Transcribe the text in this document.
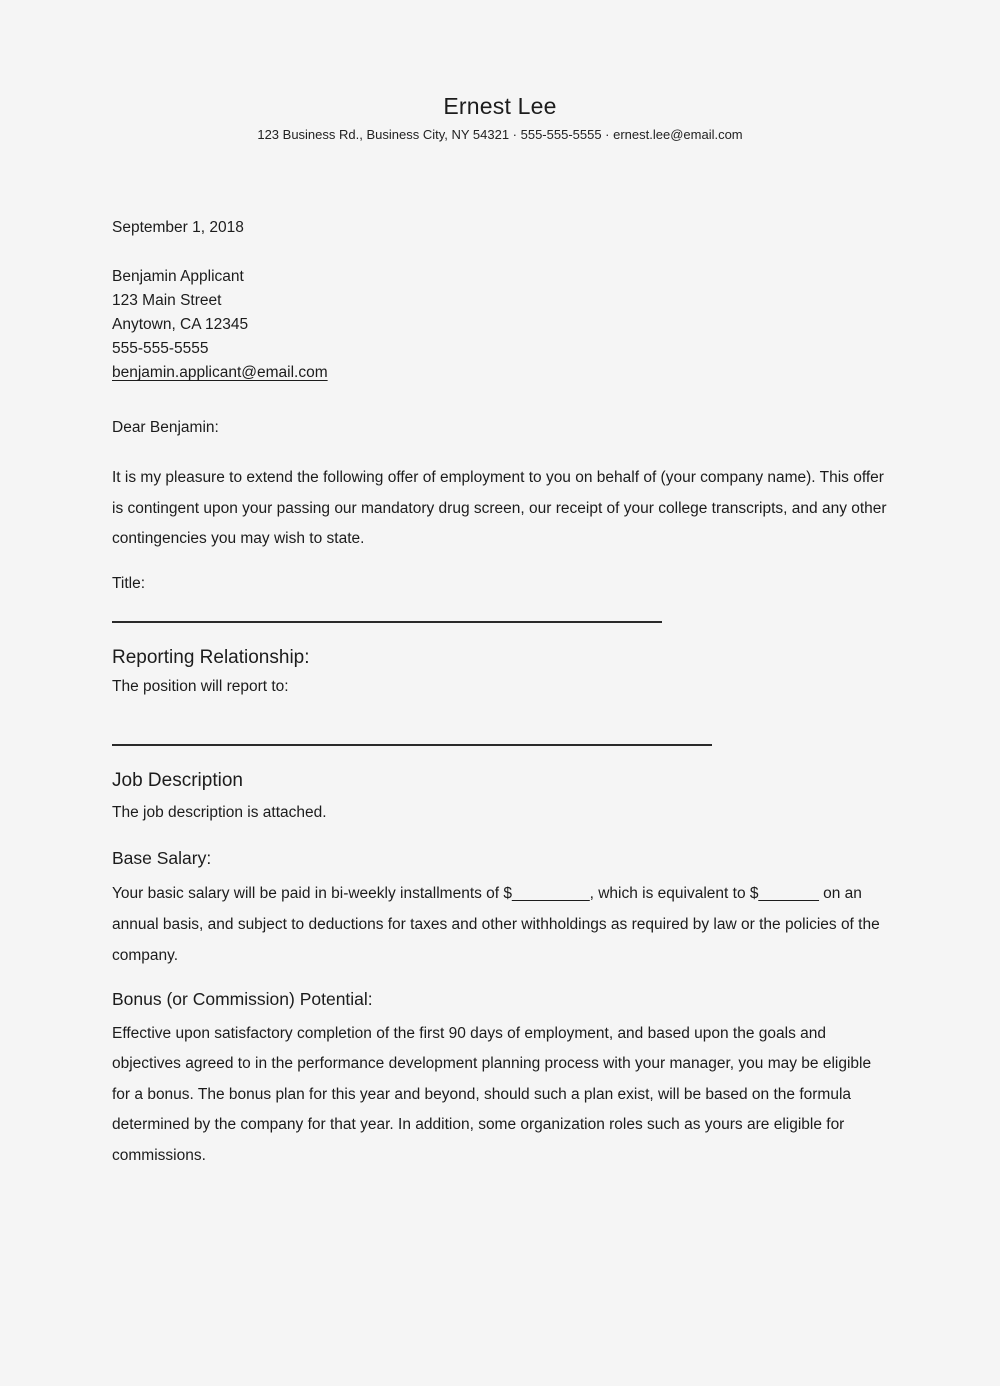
Ernest Lee
123 Business Rd., Business City, NY 54321 · 555-555-5555 · ernest.lee@email.com
September 1, 2018
Benjamin Applicant
123 Main Street
Anytown, CA 12345
555-555-5555
benjamin.applicant@email.com
Dear Benjamin:

It is my pleasure to extend the following offer of employment to you on behalf of (your company name). This offer is contingent upon your passing our mandatory drug screen, our receipt of your college transcripts, and any other contingencies you may wish to state.

Title:
Reporting Relationship:
The position will report to:
Job Description
The job description is attached.
Base Salary:

Your basic salary will be paid in bi-weekly installments of $_________, which is equivalent to $_______ on an annual basis, and subject to deductions for taxes and other withholdings as required by law or the policies of the company.

Bonus (or Commission) Potential:

Effective upon satisfactory completion of the first 90 days of employment, and based upon the goals and objectives agreed to in the performance development planning process with your manager, you may be eligible for a bonus. The bonus plan for this year and beyond, should such a plan exist, will be based on the formula determined by the company for that year. In addition, some organization roles such as yours are eligible for commissions.
